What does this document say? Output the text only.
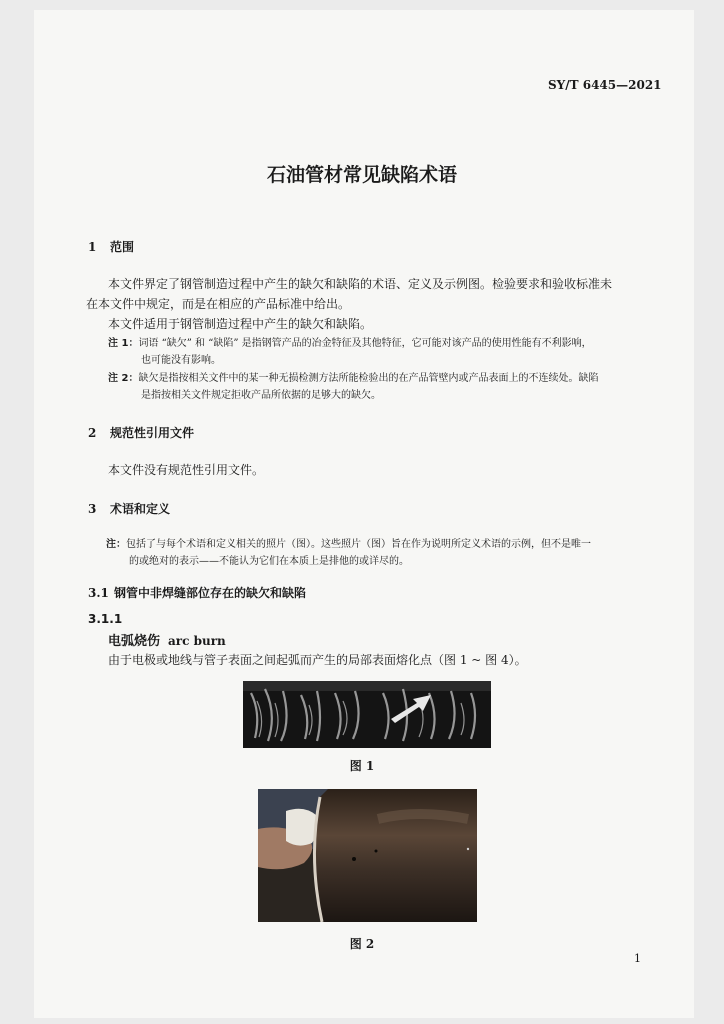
SY/T 6445—2021
石油管材常见缺陷术语
1 范围
本文件界定了钢管制造过程中产生的缺欠和缺陷的术语、定义及示例图。检验要求和验收标准未
在本文件中规定，而是在相应的产品标准中给出。
本文件适用于钢管制造过程中产生的缺欠和缺陷。
注 1：词语 “缺欠” 和 “缺陷” 是指钢管产品的冶金特征及其他特征，它可能对该产品的使用性能有不利影响，
也可能没有影响。
注 2：缺欠是指按相关文件中的某一种无损检测方法所能检验出的在产品管壁内或产品表面上的不连续处。缺陷
是指按相关文件规定拒收产品所依据的足够大的缺欠。
2 规范性引用文件
本文件没有规范性引用文件。
3 术语和定义
注：包括了与每个术语和定义相关的照片（图）。这些照片（图）旨在作为说明所定义术语的示例，但不是唯一
的或绝对的表示——不能认为它们在本质上是排他的或详尽的。
3.1 钢管中非焊缝部位存在的缺欠和缺陷
3.1.1
电弧烧伤 arc burn
由于电极或地线与管子表面之间起弧而产生的局部表面熔化点（图 1 ~ 图 4）。
图 1
图 2
1
